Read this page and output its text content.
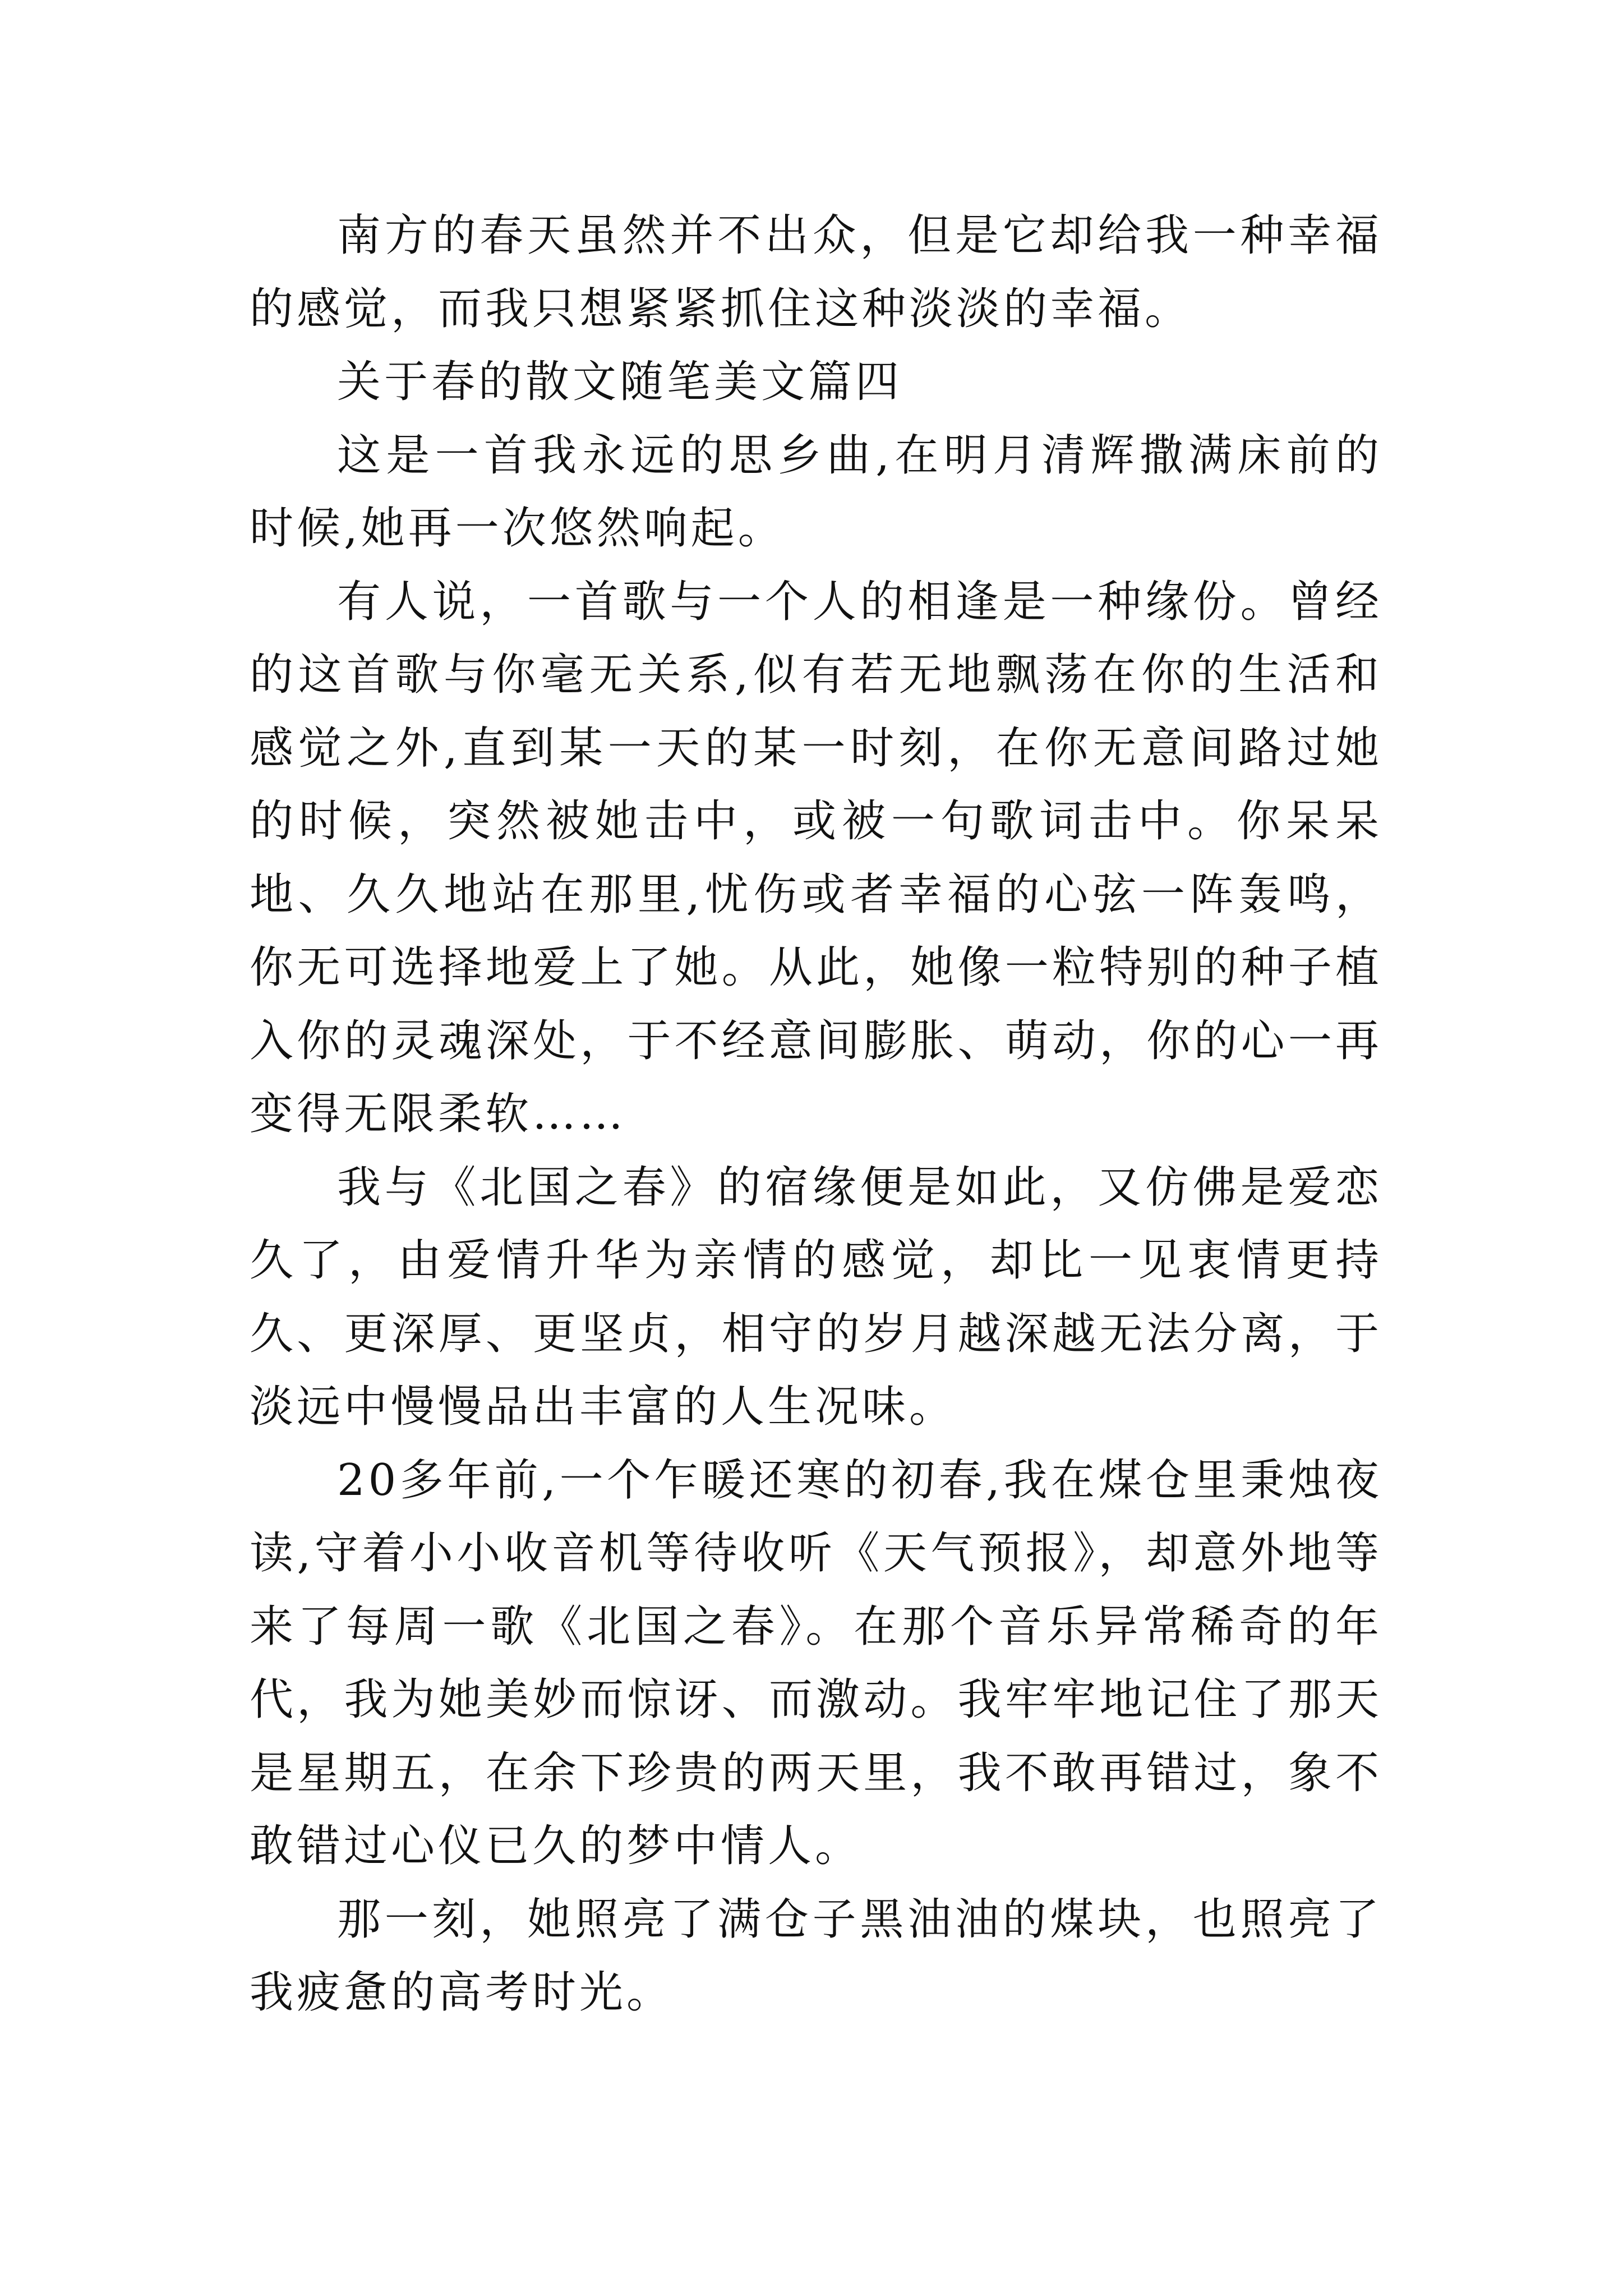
南方的春天虽然并不出众，但是它却给我一种幸福的感觉，而我只想紧紧抓住这种淡淡的幸福。

关于春的散文随笔美文篇四

这是一首我永远的思乡曲,在明月清辉撒满床前的时候,她再一次悠然响起。

有人说，一首歌与一个人的相逢是一种缘份。曾经的这首歌与你毫无关系,似有若无地飘荡在你的生活和感觉之外,直到某一天的某一时刻，在你无意间路过她的时候，突然被她击中，或被一句歌词击中。你呆呆地、久久地站在那里,忧伤或者幸福的心弦一阵轰鸣，你无可选择地爱上了她。从此，她像一粒特别的种子植入你的灵魂深处，于不经意间膨胀、萌动，你的心一再变得无限柔软……

我与《北国之春》的宿缘便是如此，又仿佛是爱恋久了，由爱情升华为亲情的感觉，却比一见衷情更持久、更深厚、更坚贞，相守的岁月越深越无法分离，于淡远中慢慢品出丰富的人生况味。

20多年前,一个乍暖还寒的初春,我在煤仓里秉烛夜读,守着小小收音机等待收听《天气预报》，却意外地等来了每周一歌《北国之春》。在那个音乐异常稀奇的年代，我为她美妙而惊讶、而激动。我牢牢地记住了那天是星期五，在余下珍贵的两天里，我不敢再错过，象不敢错过心仪已久的梦中情人。

那一刻，她照亮了满仓子黑油油的煤块，也照亮了我疲惫的高考时光。
